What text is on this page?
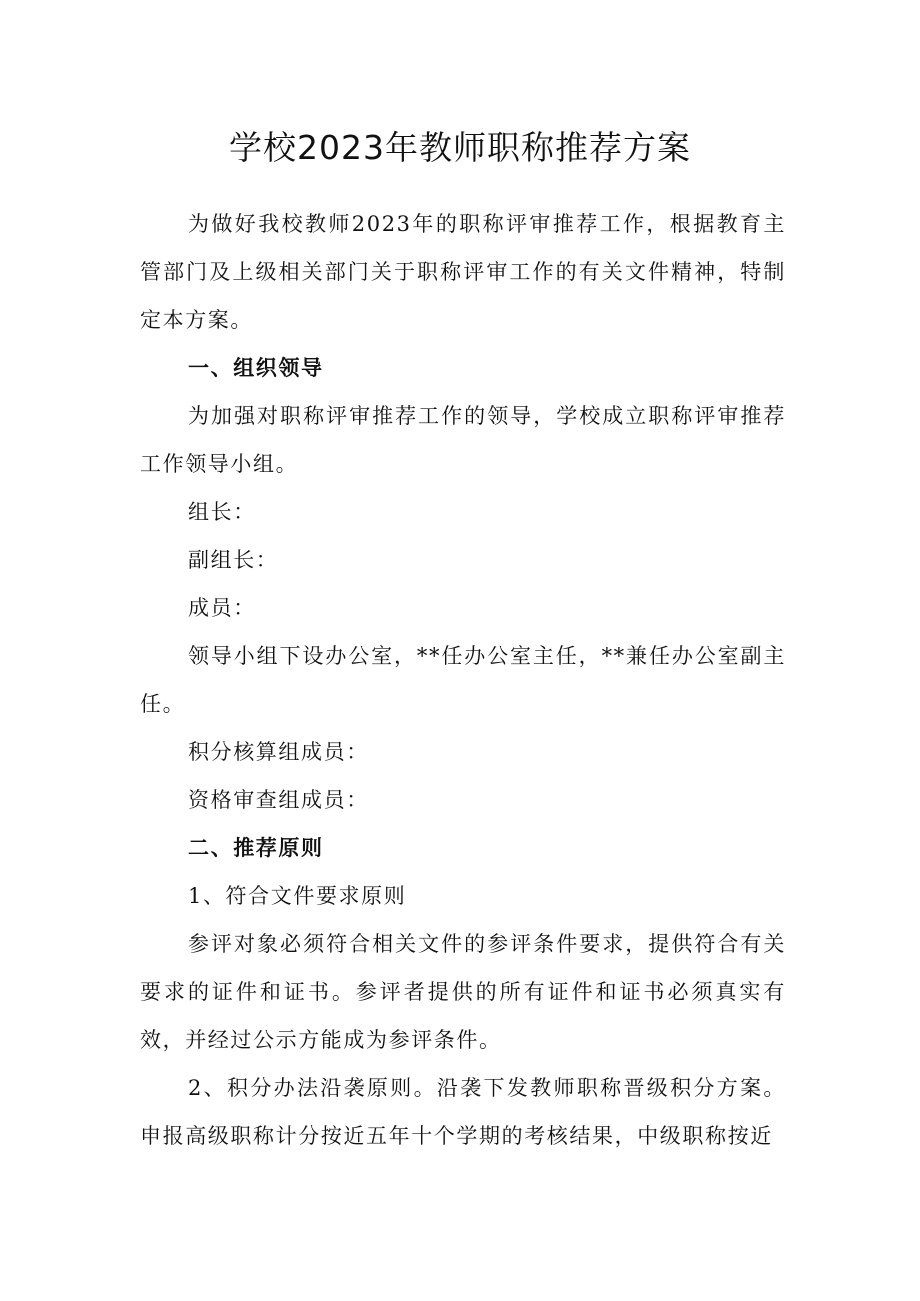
学校2023年教师职称推荐方案

为做好我校教师2023年的职称评审推荐工作，根据教育主管部门及上级相关部门关于职称评审工作的有关文件精神，特制定本方案。

一、组织领导

为加强对职称评审推荐工作的领导，学校成立职称评审推荐工作领导小组。

组长：

副组长：

成员：

领导小组下设办公室，**任办公室主任，**兼任办公室副主任。

积分核算组成员：

资格审查组成员：

二、推荐原则

1、符合文件要求原则

参评对象必须符合相关文件的参评条件要求，提供符合有关要求的证件和证书。参评者提供的所有证件和证书必须真实有效，并经过公示方能成为参评条件。

2、积分办法沿袭原则。沿袭下发教师职称晋级积分方案。申报高级职称计分按近五年十个学期的考核结果，中级职称按近
